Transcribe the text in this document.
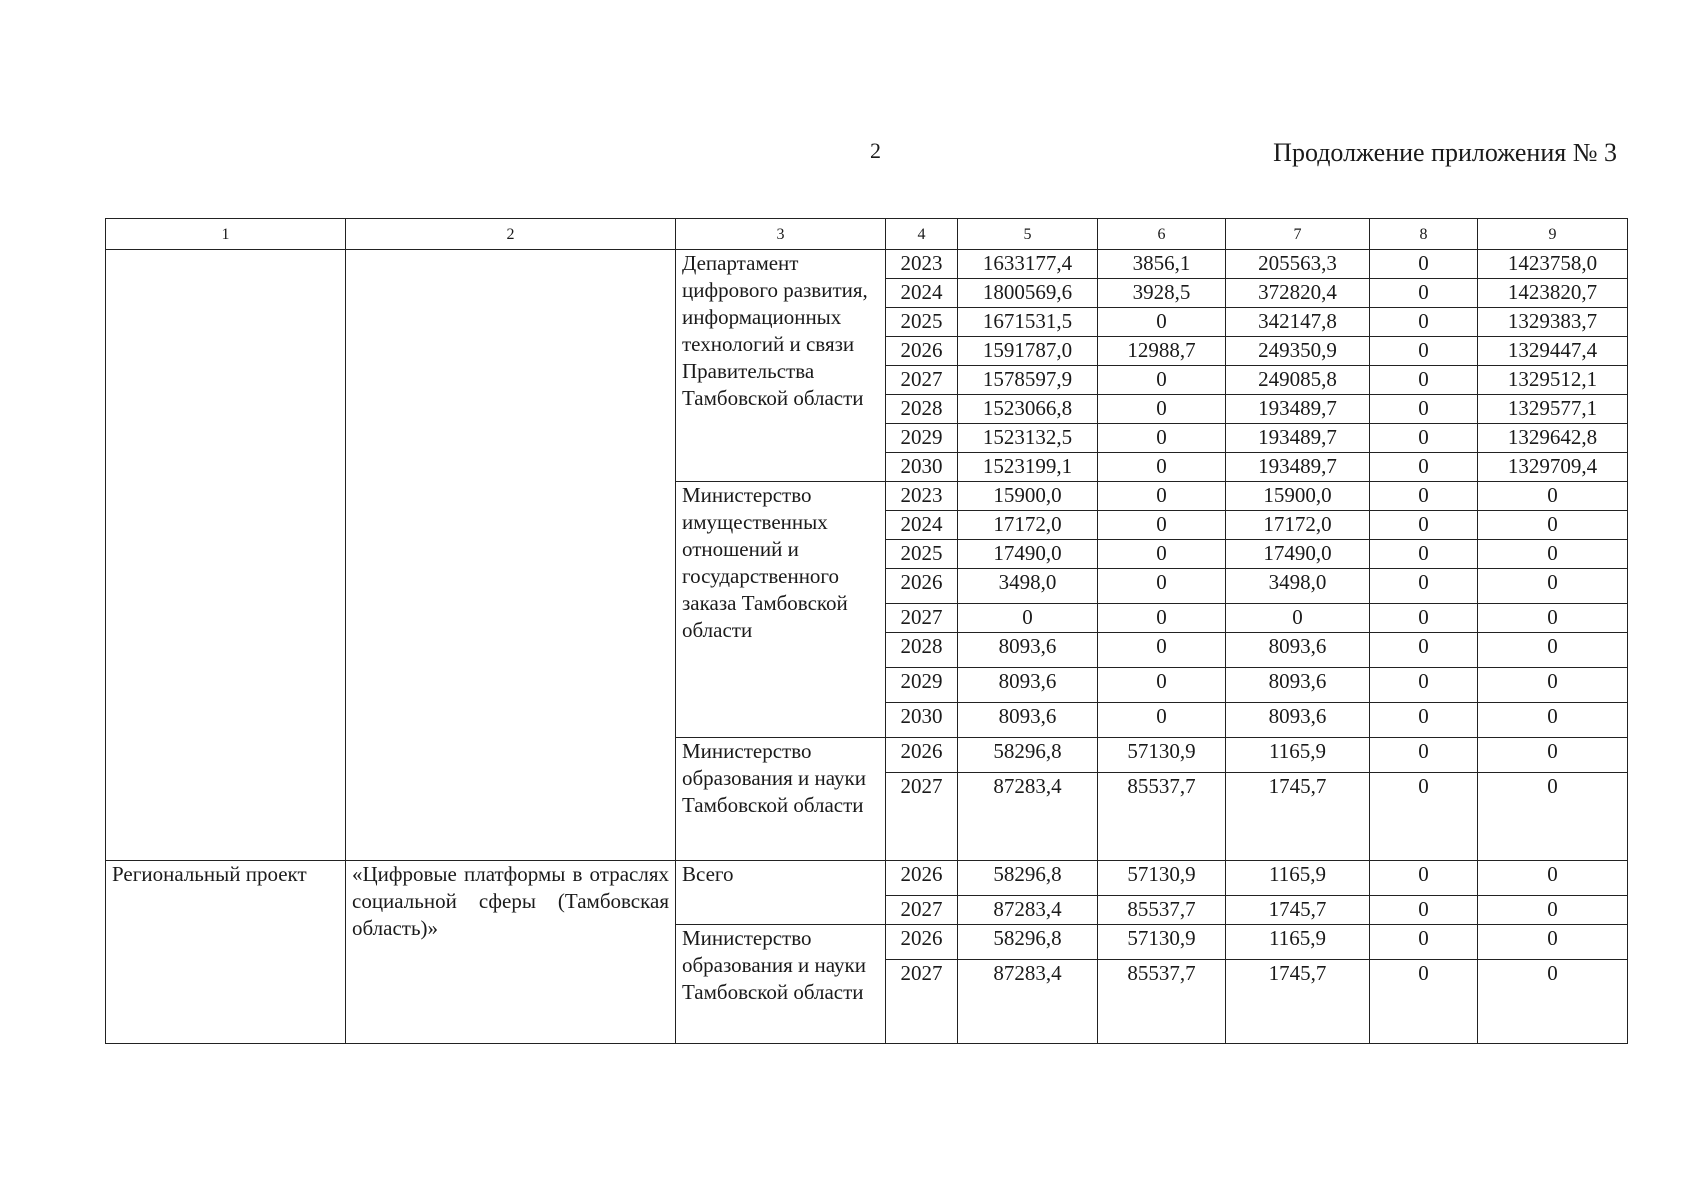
2	Продолжение приложения № 3
1	2	3	4	5	6	7	8	9
		Департамент цифрового развития, информационных технологий и связи Правительства Тамбовской области	2023	1633177,4	3856,1	205563,3	0	1423758,0
			2024	1800569,6	3928,5	372820,4	0	1423820,7
			2025	1671531,5	0	342147,8	0	1329383,7
			2026	1591787,0	12988,7	249350,9	0	1329447,4
			2027	1578597,9	0	249085,8	0	1329512,1
			2028	1523066,8	0	193489,7	0	1329577,1
			2029	1523132,5	0	193489,7	0	1329642,8
			2030	1523199,1	0	193489,7	0	1329709,4
		Министерство имущественных отношений и государственного заказа Тамбовской области	2023	15900,0	0	15900,0	0	0
			2024	17172,0	0	17172,0	0	0
			2025	17490,0	0	17490,0	0	0
			2026	3498,0	0	3498,0	0	0
			2027	0	0	0	0	0
			2028	8093,6	0	8093,6	0	0
			2029	8093,6	0	8093,6	0	0
			2030	8093,6	0	8093,6	0	0
		Министерство образования и науки Тамбовской области	2026	58296,8	57130,9	1165,9	0	0
			2027	87283,4	85537,7	1745,7	0	0
Региональный проект	«Цифровые платформы в отраслях социальной сферы (Тамбовская область)»	Всего	2026	58296,8	57130,9	1165,9	0	0
			2027	87283,4	85537,7	1745,7	0	0
		Министерство образования и науки Тамбовской области	2026	58296,8	57130,9	1165,9	0	0
			2027	87283,4	85537,7	1745,7	0	0
